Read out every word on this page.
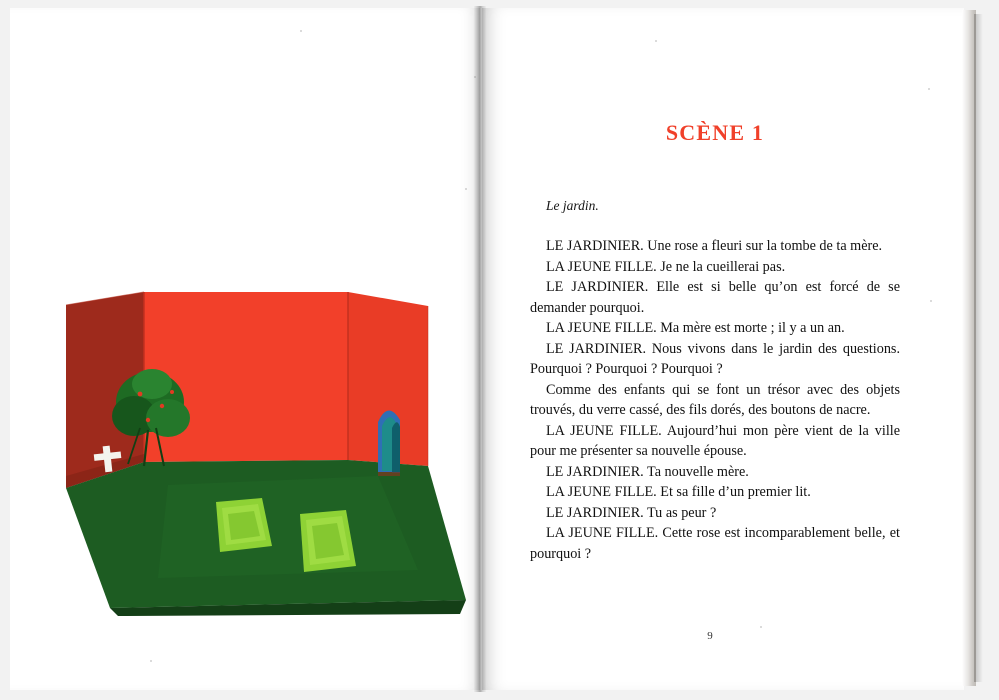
SCÈNE 1

Le jardin.

LE JARDINIER. Une rose a fleuri sur la tombe de ta mère.

LA JEUNE FILLE. Je ne la cueillerai pas.

LE JARDINIER. Elle est si belle qu’on est forcé de se demander pourquoi.

LA JEUNE FILLE. Ma mère est morte ; il y a un an.

LE JARDINIER. Nous vivons dans le jardin des questions. Pourquoi ? Pourquoi ? Pourquoi ?

Comme des enfants qui se font un trésor avec des objets trouvés, du verre cassé, des fils dorés, des boutons de nacre.

LA JEUNE FILLE. Aujourd’hui mon père vient de la ville pour me présenter sa nouvelle épouse.

LE JARDINIER. Ta nouvelle mère.

LA JEUNE FILLE. Et sa fille d’un premier lit.

LE JARDINIER. Tu as peur ?

LA JEUNE FILLE. Cette rose est incomparablement belle, et pourquoi ?

9
